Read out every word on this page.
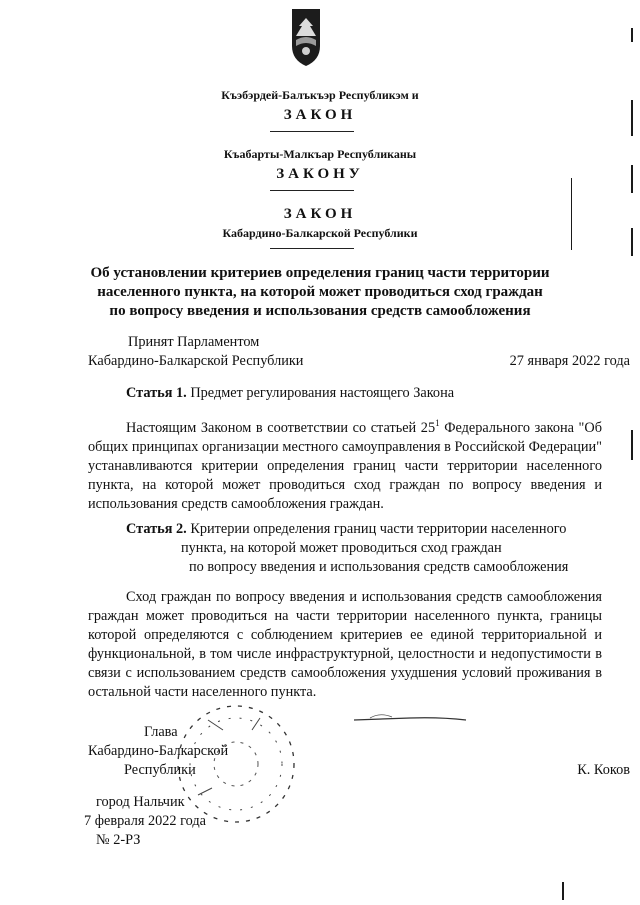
Къэбэрдей-Балъкъэр Республикэм и
ЗАКОН
Къабарты-Малкъар Республиканы
ЗАКОНУ
ЗАКОН
Кабардино-Балкарской Республики
Об установлении критериев определения границ части территории
населенного пункта, на которой может проводиться сход граждан
по вопросу введения и использования средств самообложения
Принят Парламентом
Кабардино-Балкарской Республики	27 января 2022 года
Статья 1. Предмет регулирования настоящего Закона
Настоящим Законом в соответствии со статьей $25^1$ Федерального закона "Об общих принципах организации местного самоуправления в Российской Федерации" устанавливаются критерии определения границ части территории населенного пункта, на которой может проводиться сход граждан по вопросу введения и использования средств самообложения граждан.
Статья 2. Критерии определения границ части территории населенного
пункта, на которой может проводиться сход граждан
по вопросу введения и использования средств самообложения
Сход граждан по вопросу введения и использования средств самообложения граждан может проводиться на части территории населенного пункта, границы которой определяются с соблюдением критериев ее единой территориальной и функциональной, в том числе инфраструктурной, целостности и недопустимости в связи с использованием средств самообложения ухудшения условий проживания в остальной части населенного пункта.
Глава
Кабардино-Балкарской
Республики	К. Коков
город Нальчик
7 февраля 2022 года
№ 2-РЗ
